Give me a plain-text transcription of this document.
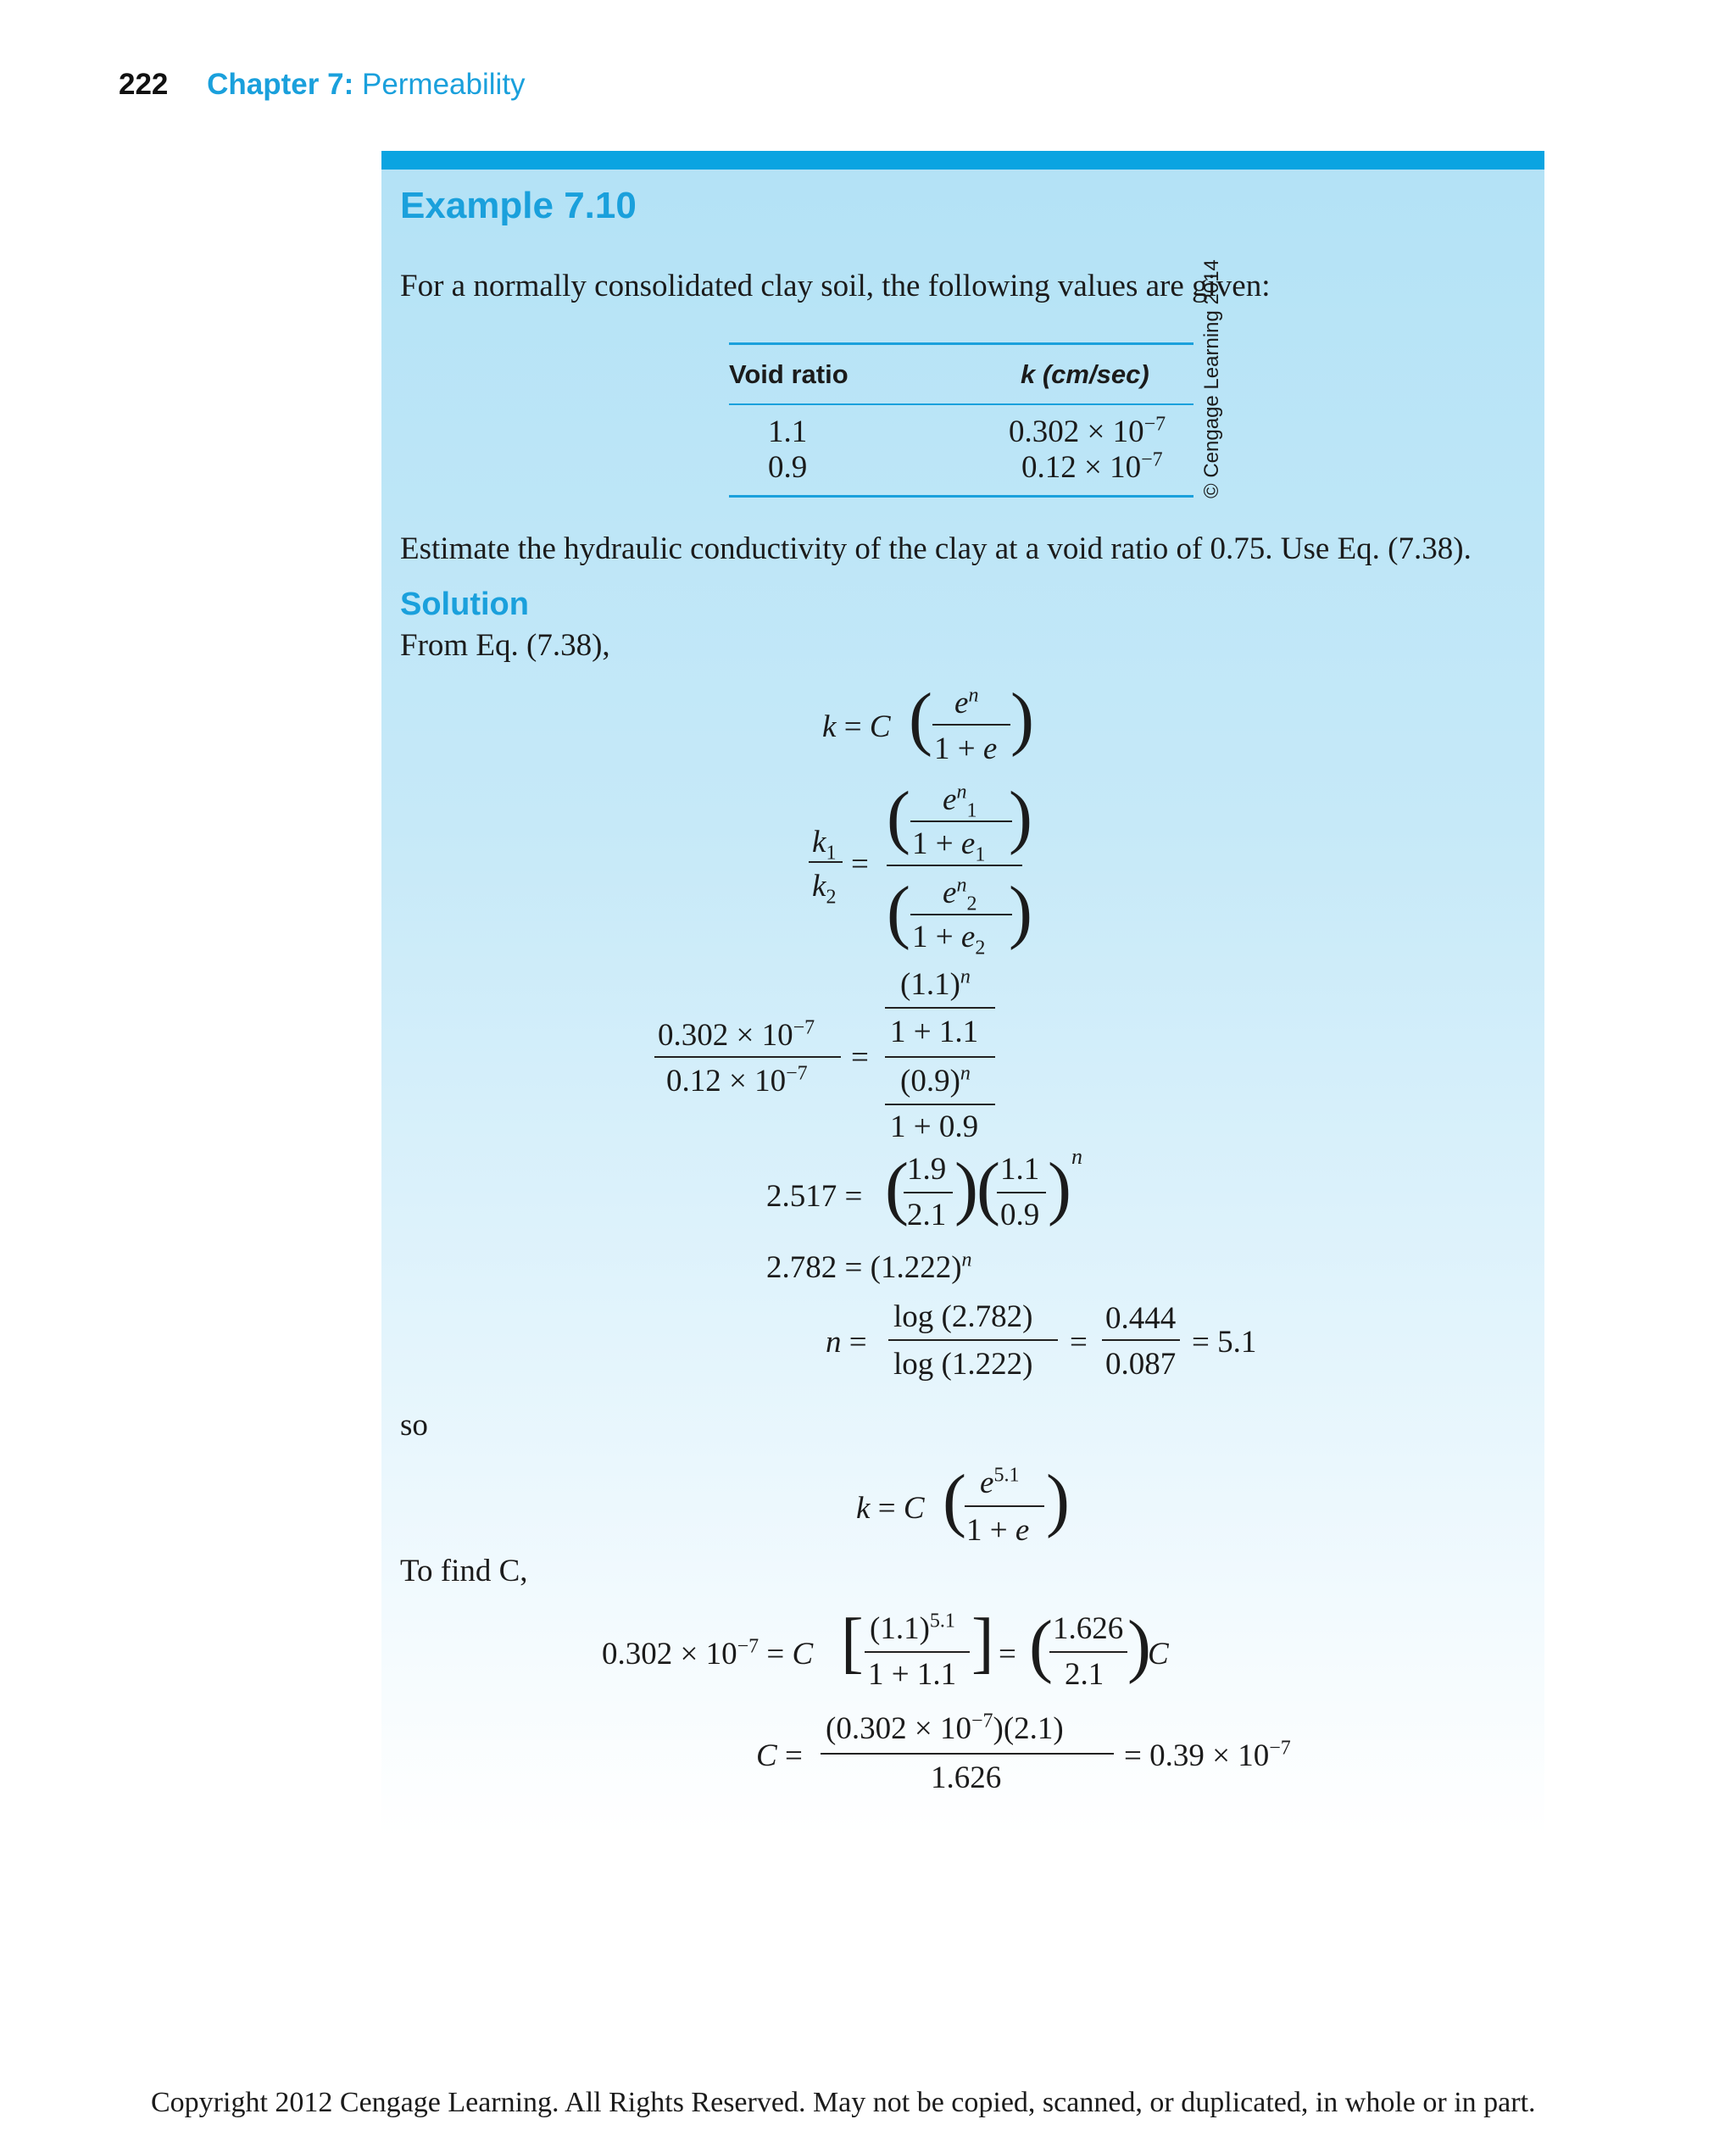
222 Chapter 7: Permeability
Example 7.10
For a normally consolidated clay soil, the following values are given:
Void ratio	k (cm/sec)
1.1	$0.302 \times 10^{-7}$
0.9	$0.12 \times 10^{-7}$ © Cengage Learning 2014
Estimate the hydraulic conductivity of the clay at a void ratio of 0.75. Use Eq. (7.38).
Solution
From Eq. (7.38),
k = C ( $e^n$
1 + e )
$k_1$
$k_2$
=
( $e^n_1$
$1 + e_1$ )
( $e^n_2$
$1 + e_2$ )
$0.302 \times 10^{-7}$
$0.12 \times 10^{-7}$ =
$(1.1)^n$
1 + 1.1
$(0.9)^n$
1 + 0.9
2.517 = (
1.9
2.1 )
( 1.1
0.9 ) n
$2.782 = (1.222)^n$
n =
log (2.782)
log (1.222)
=
0.444
0.087
= 5.1
so
k = C ( $e^{5.1}$
1 + e )
To find C,
$0.302 \times 10^{-7} = C$ [ $(1.1)^{5.1}$
1 + 1.1 ] = ( 1.626
2.1 )
C
C =
$(0.302 \times 10^{-7})(2.1)$
1.626
= $0.39 \times 10^{-7}$
Copyright 2012 Cengage Learning. All Rights Reserved. May not be copied, scanned, or duplicated, in whole or in part.
